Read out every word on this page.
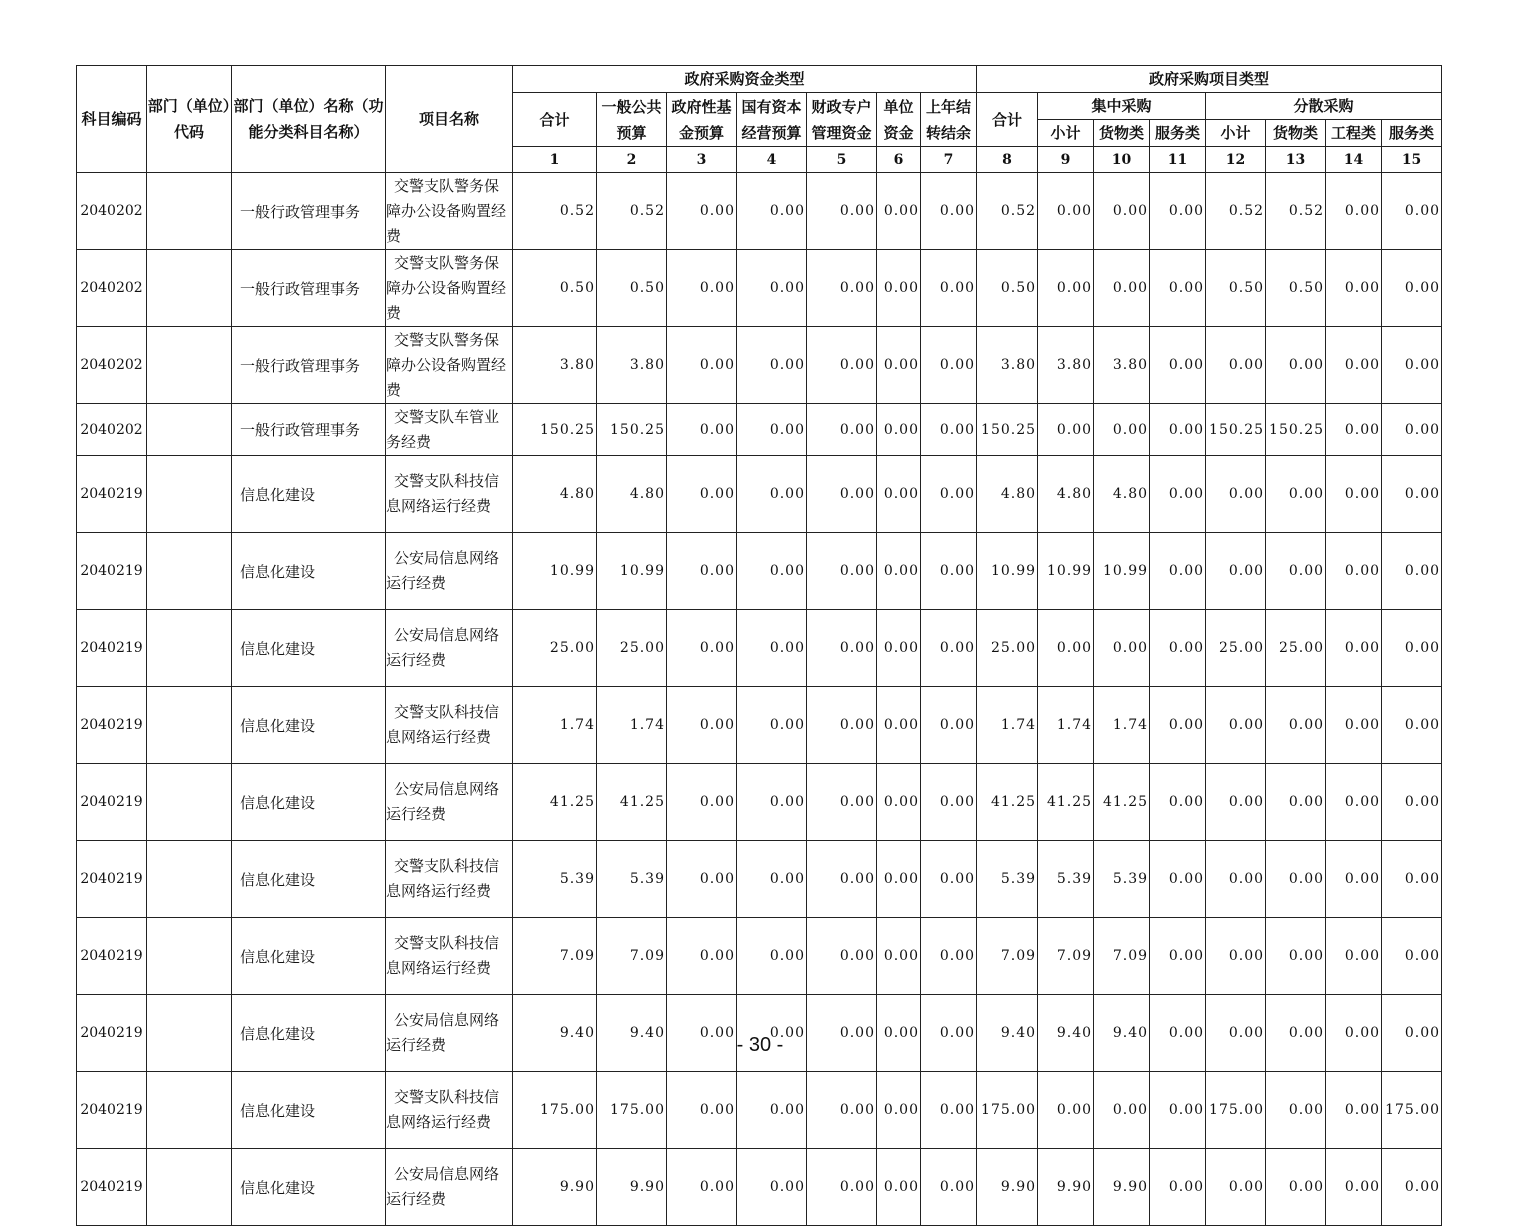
科目编码	部门（单位）代码	部门（单位）名称（功能分类科目名称）	项目名称	政府采购资金类型							政府采购项目类型							
				合计	一般公共预算	政府性基金预算	国有资本经营预算	财政专户管理资金	单位资金	上年结转结余	合计	集中采购			分散采购			
												小计	货物类	服务类	小计	货物类	工程类	服务类
				1	2	3	4	5	6	7	8	9	10	11	12	13	14	15
2040202		一般行政管理事务	交警支队警务保障办公设备购置经费	0.52	0.52	0.00	0.00	0.00	0.00	0.00	0.52	0.00	0.00	0.00	0.52	0.52	0.00	0.00
2040202		一般行政管理事务	交警支队警务保障办公设备购置经费	0.50	0.50	0.00	0.00	0.00	0.00	0.00	0.50	0.00	0.00	0.00	0.50	0.50	0.00	0.00
2040202		一般行政管理事务	交警支队警务保障办公设备购置经费	3.80	3.80	0.00	0.00	0.00	0.00	0.00	3.80	3.80	3.80	0.00	0.00	0.00	0.00	0.00
2040202		一般行政管理事务	交警支队车管业务经费	150.25	150.25	0.00	0.00	0.00	0.00	0.00	150.25	0.00	0.00	0.00	150.25	150.25	0.00	0.00
2040219		信息化建设	交警支队科技信息网络运行经费	4.80	4.80	0.00	0.00	0.00	0.00	0.00	4.80	4.80	4.80	0.00	0.00	0.00	0.00	0.00
2040219		信息化建设	公安局信息网络运行经费	10.99	10.99	0.00	0.00	0.00	0.00	0.00	10.99	10.99	10.99	0.00	0.00	0.00	0.00	0.00
2040219		信息化建设	公安局信息网络运行经费	25.00	25.00	0.00	0.00	0.00	0.00	0.00	25.00	0.00	0.00	0.00	25.00	25.00	0.00	0.00
2040219		信息化建设	交警支队科技信息网络运行经费	1.74	1.74	0.00	0.00	0.00	0.00	0.00	1.74	1.74	1.74	0.00	0.00	0.00	0.00	0.00
2040219		信息化建设	公安局信息网络运行经费	41.25	41.25	0.00	0.00	0.00	0.00	0.00	41.25	41.25	41.25	0.00	0.00	0.00	0.00	0.00
2040219		信息化建设	交警支队科技信息网络运行经费	5.39	5.39	0.00	0.00	0.00	0.00	0.00	5.39	5.39	5.39	0.00	0.00	0.00	0.00	0.00
2040219		信息化建设	交警支队科技信息网络运行经费	7.09	7.09	0.00	0.00	0.00	0.00	0.00	7.09	7.09	7.09	0.00	0.00	0.00	0.00	0.00
2040219		信息化建设	公安局信息网络运行经费	9.40	9.40	0.00	0.00	0.00	0.00	0.00	9.40	9.40	9.40	0.00	0.00	0.00	0.00	0.00
2040219		信息化建设	交警支队科技信息网络运行经费	175.00	175.00	0.00	0.00	0.00	0.00	0.00	175.00	0.00	0.00	0.00	175.00	0.00	0.00	175.00
2040219		信息化建设	公安局信息网络运行经费	9.90	9.90	0.00	0.00	0.00	0.00	0.00	9.90	9.90	9.90	0.00	0.00	0.00	0.00	0.00
- 30 -
